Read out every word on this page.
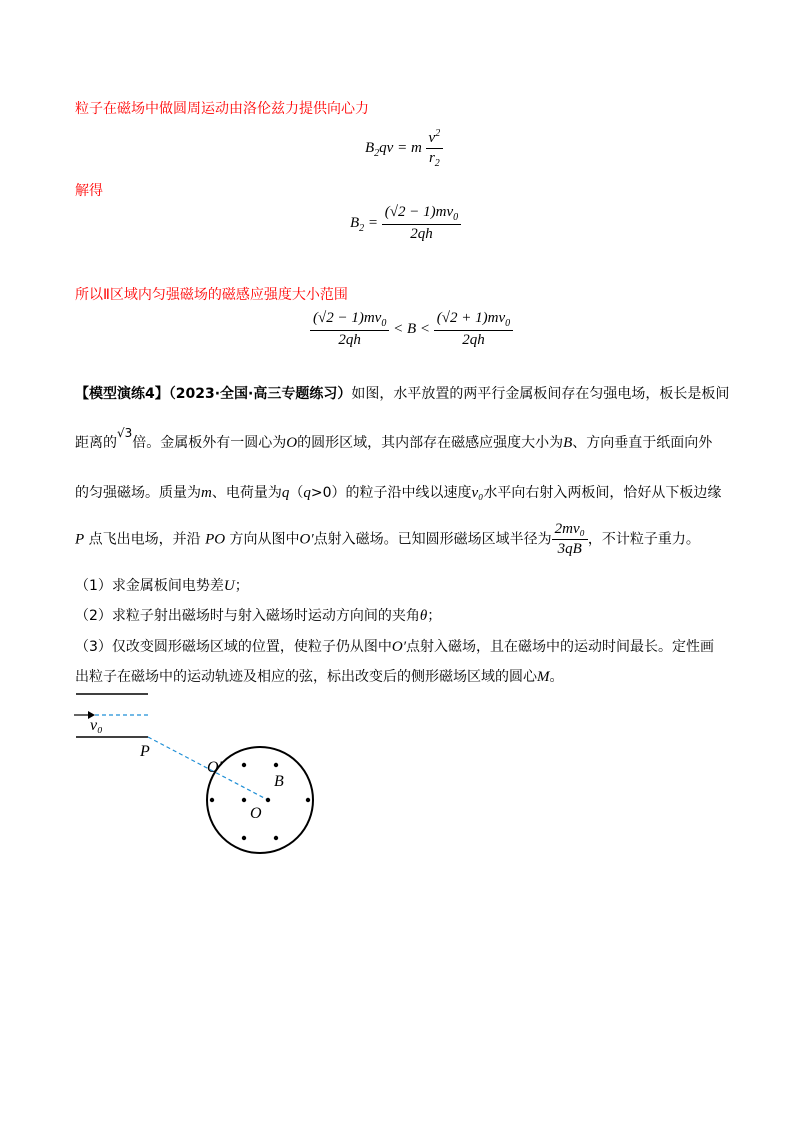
粒子在磁场中做圆周运动由洛伦兹力提供向心力
$B_2qv = m \frac{v^2}{r_2}$
解得
$B_2 = \frac{(√2 - 1)mv_0}{2qh}$
所以Ⅱ区域内匀强磁场的磁感应强度大小范围
$\frac{(√2 - 1)mv_0}{2qh} < B < \frac{(√2 + 1)mv_0}{2qh}$
【模型演练4】（2023·全国·高三专题练习）如图，水平放置的两平行金属板间存在匀强电场，板长是板间
距离的√3倍。金属板外有一圆心为O的圆形区域，其内部存在磁感应强度大小为B、方向垂直于纸面向外
的匀强磁场。质量为m、电荷量为q（q>0）的粒子沿中线以速度v₀水平向右射入两板间，恰好从下板边缘
P 点飞出电场，并沿 PO 方向从图中O′点射入磁场。已知圆形磁场区域半径为 $\frac{\text{2mv₀}}{3qB}$ ，不计粒子重力。
（1）求金属板间电势差U；
（2）求粒子射出磁场时与射入磁场时运动方向间的夹角θ；
（3）仅改变圆形磁场区域的位置，使粒子仍从图中O′点射入磁场，且在磁场中的运动时间最长。定性画
出粒子在磁场中的运动轨迹及相应的弦，标出改变后的侧形磁场区域的圆心M。
v₀
P
O′
B
O
